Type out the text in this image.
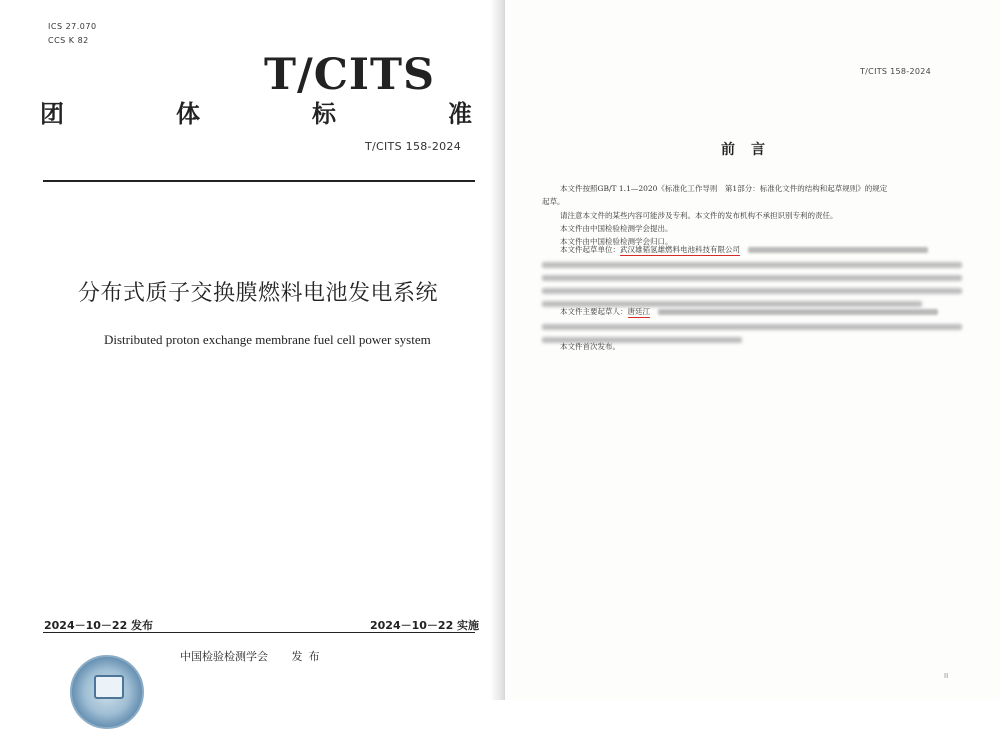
ICS 27.070
CCS K 82
T/CITS
团	体	标	准
T/CITS 158-2024
分布式质子交换膜燃料电池发电系统
Distributed proton exchange membrane fuel cell power system
2024－10－22 发布	2024－10－22 实施
中国检验检测学会 发布
T/CITS 158-2024
前言
本文件按照GB/T 1.1—2020《标准化工作导则　第1部分：标准化文件的结构和起草规则》的规定
起草。
请注意本文件的某些内容可能涉及专利。本文件的发布机构不承担识别专利的责任。
本文件由中国检验检测学会提出。
本文件由中国检验检测学会归口。
本文件起草单位：武汉雄韬氢雄燃料电池科技有限公司
本文件主要起草人：唐廷江
本文件首次发布。
II
